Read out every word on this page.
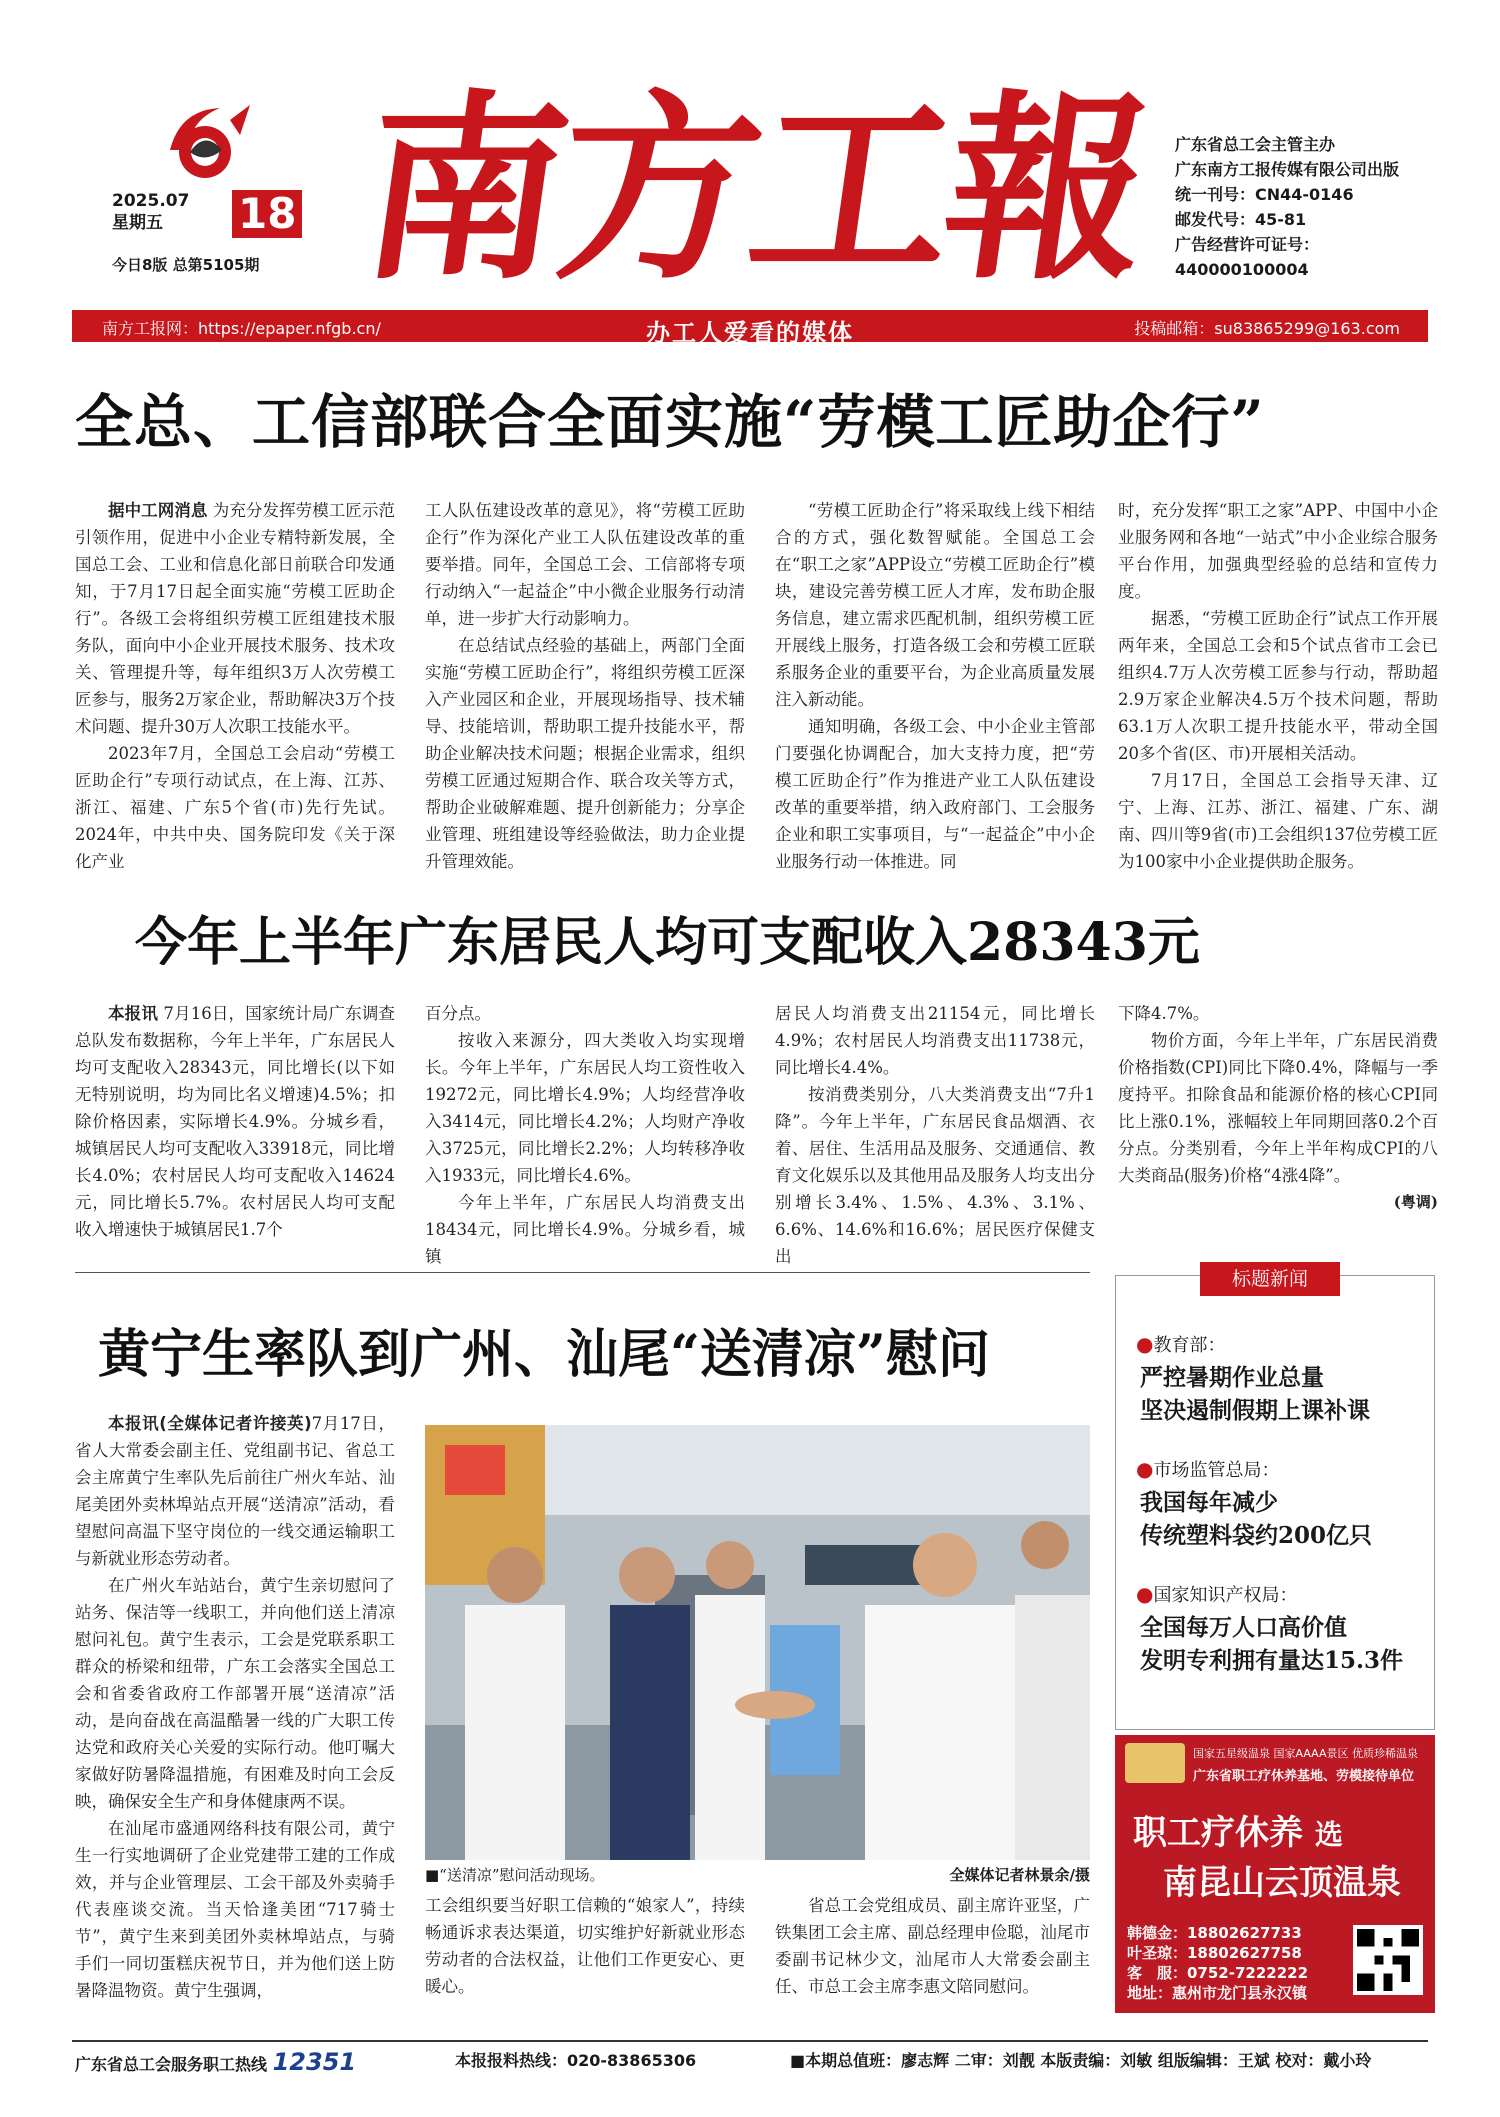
2025.07
星期五	18
今日8版 总第5105期 南方工報 广东省总工会主管主办
广东南方工报传媒有限公司出版
统一刊号：CN44-0146
邮发代号：45-81
广告经营许可证号：
440000100004
南方工报网：https://epaper.nfgb.cn/	办工人爱看的媒体	投稿邮箱：su83865299@163.com
全总、工信部联合全面实施“劳模工匠助企行”

据中工网消息 为充分发挥劳模工匠示范引领作用，促进中小企业专精特新发展，全国总工会、工业和信息化部日前联合印发通知，于7月17日起全面实施“劳模工匠助企行”。各级工会将组织劳模工匠组建技术服务队，面向中小企业开展技术服务、技术攻关、管理提升等，每年组织3万人次劳模工匠参与，服务2万家企业，帮助解决3万个技术问题、提升30万人次职工技能水平。

2023年7月，全国总工会启动“劳模工匠助企行”专项行动试点，在上海、江苏、浙江、福建、广东5个省(市)先行先试。2024年，中共中央、国务院印发《关于深化产业

工人队伍建设改革的意见》，将“劳模工匠助企行”作为深化产业工人队伍建设改革的重要举措。同年，全国总工会、工信部将专项行动纳入“一起益企”中小微企业服务行动清单，进一步扩大行动影响力。

在总结试点经验的基础上，两部门全面实施“劳模工匠助企行”，将组织劳模工匠深入产业园区和企业，开展现场指导、技术辅导、技能培训，帮助职工提升技能水平，帮助企业解决技术问题；根据企业需求，组织劳模工匠通过短期合作、联合攻关等方式，帮助企业破解难题、提升创新能力；分享企业管理、班组建设等经验做法，助力企业提升管理效能。

“劳模工匠助企行”将采取线上线下相结合的方式，强化数智赋能。全国总工会在“职工之家”APP设立“劳模工匠助企行”模块，建设完善劳模工匠人才库，发布助企服务信息，建立需求匹配机制，组织劳模工匠开展线上服务，打造各级工会和劳模工匠联系服务企业的重要平台，为企业高质量发展注入新动能。

通知明确，各级工会、中小企业主管部门要强化协调配合，加大支持力度，把“劳模工匠助企行”作为推进产业工人队伍建设改革的重要举措，纳入政府部门、工会服务企业和职工实事项目，与“一起益企”中小企业服务行动一体推进。同

时，充分发挥“职工之家”APP、中国中小企业服务网和各地“一站式”中小企业综合服务平台作用，加强典型经验的总结和宣传力度。

据悉，“劳模工匠助企行”试点工作开展两年来，全国总工会和5个试点省市工会已组织4.7万人次劳模工匠参与行动，帮助超2.9万家企业解决4.5万个技术问题，帮助63.1万人次职工提升技能水平，带动全国20多个省(区、市)开展相关活动。

7月17日，全国总工会指导天津、辽宁、上海、江苏、浙江、福建、广东、湖南、四川等9省(市)工会组织137位劳模工匠为100家中小企业提供助企服务。

今年上半年广东居民人均可支配收入28343元

本报讯 7月16日，国家统计局广东调查总队发布数据称，今年上半年，广东居民人均可支配收入28343元，同比增长(以下如无特别说明，均为同比名义增速)4.5%；扣除价格因素，实际增长4.9%。分城乡看，城镇居民人均可支配收入33918元，同比增长4.0%；农村居民人均可支配收入14624元，同比增长5.7%。农村居民人均可支配收入增速快于城镇居民1.7个

百分点。

按收入来源分，四大类收入均实现增长。今年上半年，广东居民人均工资性收入19272元，同比增长4.9%；人均经营净收入3414元，同比增长4.2%；人均财产净收入3725元，同比增长2.2%；人均转移净收入1933元，同比增长4.6%。

今年上半年，广东居民人均消费支出18434元，同比增长4.9%。分城乡看，城镇

居民人均消费支出21154元，同比增长4.9%；农村居民人均消费支出11738元，同比增长4.4%。

按消费类别分，八大类消费支出“7升1降”。今年上半年，广东居民食品烟酒、衣着、居住、生活用品及服务、交通通信、教育文化娱乐以及其他用品及服务人均支出分别增长3.4%、1.5%、4.3%、3.1%、6.6%、14.6%和16.6%；居民医疗保健支出

下降4.7%。

物价方面，今年上半年，广东居民消费价格指数(CPI)同比下降0.4%，降幅与一季度持平。扣除食品和能源价格的核心CPI同比上涨0.1%，涨幅较上年同期回落0.2个百分点。分类别看，今年上半年构成CPI的八大类商品(服务)价格“4涨4降”。

(粤调)
黄宁生率队到广州、汕尾“送清凉”慰问

本报讯(全媒体记者许接英)7月17日，省人大常委会副主任、党组副书记、省总工会主席黄宁生率队先后前往广州火车站、汕尾美团外卖林埠站点开展“送清凉”活动，看望慰问高温下坚守岗位的一线交通运输职工与新就业形态劳动者。

在广州火车站站台，黄宁生亲切慰问了站务、保洁等一线职工，并向他们送上清凉慰问礼包。黄宁生表示，工会是党联系职工群众的桥梁和纽带，广东工会落实全国总工会和省委省政府工作部署开展“送清凉”活动，是向奋战在高温酷暑一线的广大职工传达党和政府关心关爱的实际行动。他叮嘱大家做好防暑降温措施，有困难及时向工会反映，确保安全生产和身体健康两不误。

在汕尾市盛通网络科技有限公司，黄宁生一行实地调研了企业党建带工建的工作成效，并与企业管理层、工会干部及外卖骑手代表座谈交流。当天恰逢美团“717骑士节”，黄宁生来到美团外卖林埠站点，与骑手们一同切蛋糕庆祝节日，并为他们送上防暑降温物资。黄宁生强调，

■“送清凉”慰问活动现场。	全媒体记者林景余/摄

工会组织要当好职工信赖的“娘家人”，持续畅通诉求表达渠道，切实维护好新就业形态劳动者的合法权益，让他们工作更安心、更暖心。

省总工会党组成员、副主席许亚坚，广铁集团工会主席、副总经理申俭聪，汕尾市委副书记林少文，汕尾市人大常委会副主任、市总工会主席李惠文陪同慰问。

●教育部：
严控暑期作业总量
坚决遏制假期上课补课
●市场监管总局：
我国每年减少
传统塑料袋约200亿只
●国家知识产权局：
全国每万人口高价值
发明专利拥有量达15.3件
标题新闻
国家五星级温泉 国家AAAA景区 优质珍稀温泉
广东省职工疗休养基地、劳模接待单位
职工疗休养 选
南昆山云顶温泉
韩德金：18802627733
叶圣琼：18802627758
客　服：0752-7222222
地址：惠州市龙门县永汉镇
广东省总工会服务职工热线 12351	本报报料热线：020-83865306	■本期总值班：廖志辉 二审：刘靓 本版责编：刘敏 组版编辑：王斌 校对：戴小玲
